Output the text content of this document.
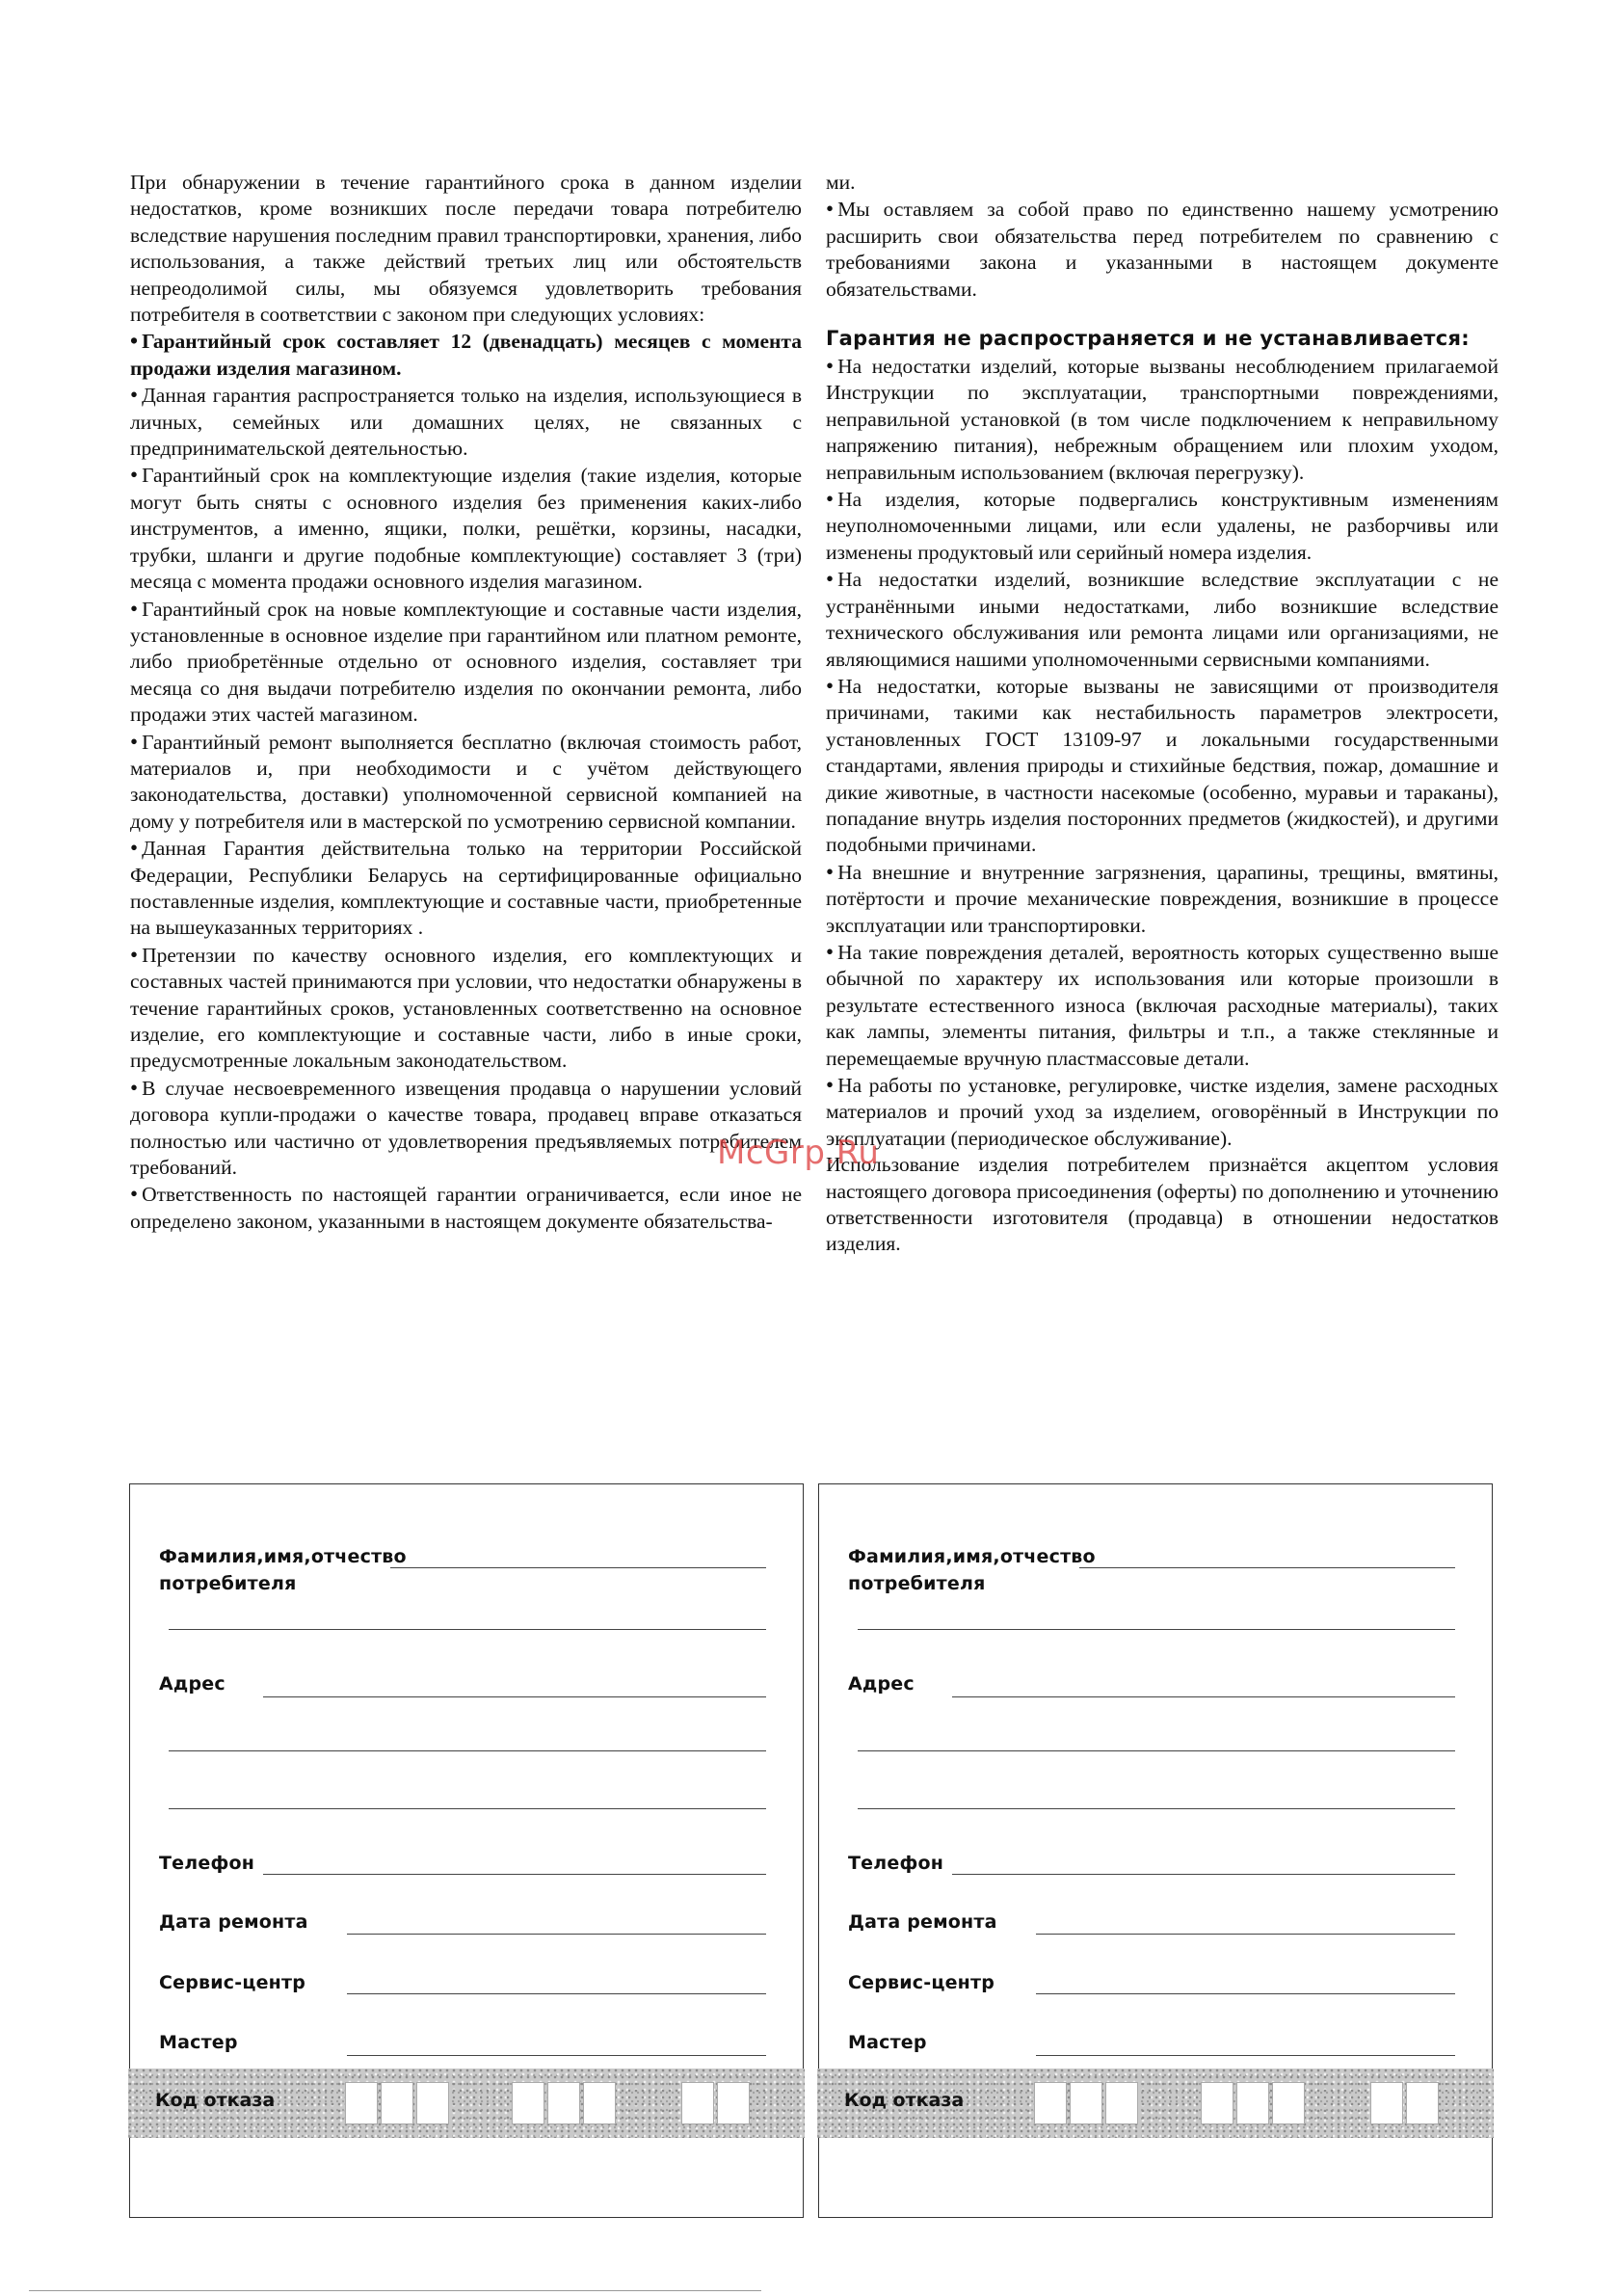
При обнаружении в течение гарантийного срока в данном изделии недостатков, кроме возникших после передачи товара потребителю вследствие нарушения последним правил транспортировки, хранения, либо использования, а также действий третьих лиц или обстоятельств непреодолимой силы, мы обязуемся удовлетворить требования потребителя в соответствии с законом при следующих условиях:

• Гарантийный срок составляет 12 (двенадцать) месяцев с момента продажи изделия магазином.

• Данная гарантия распространяется только на изделия, использующиеся в личных, семейных или домашних целях, не связанных с предпринимательской деятельностью.

• Гарантийный срок на комплектующие изделия (такие изделия, которые могут быть сняты с основного изделия без применения каких-либо инструментов, а именно, ящики, полки, решётки, корзины, насадки, трубки, шланги и другие подобные комплектующие) составляет 3 (три) месяца с момента продажи основного изделия магазином.

• Гарантийный срок на новые комплектующие и составные части изделия, установленные в основное изделие при гарантийном или платном ремонте, либо приобретённые отдельно от основного изделия, составляет три месяца со дня выдачи потребителю изделия по окончании ремонта, либо продажи этих частей магазином.

• Гарантийный ремонт выполняется бесплатно (включая стоимость работ, материалов и, при необходимости и с учётом действующего законодательства, доставки) уполномоченной сервисной компанией на дому у потребителя или в мастерской по усмотрению сервисной компании.

• Данная Гарантия действительна только на территории Российской Федерации, Республики Беларусь на сертифицированные официально поставленные изделия, комплектующие и составные части, приобретенные на вышеуказанных территориях .

• Претензии по качеству основного изделия, его комплектующих и составных частей принимаются при условии, что недостатки обнаружены в течение гарантийных сроков, установленных соответственно на основное изделие, его комплектующие и составные части, либо в иные сроки, предусмотренные локальным законодательством.

• В случае несвоевременного извещения продавца о нарушении условий договора купли-продажи о качестве товара, продавец вправе отказаться полностью или частично от удовлетворения предъявляемых потребителем требований.

• Ответственность по настоящей гарантии ограничивается, если иное не определено законом, указанными в настоящем документе обязательства-

ми.

• Мы оставляем за собой право по единственно нашему усмотрению расширить свои обязательства перед потребителем по сравнению с требованиями закона и указанными в настоящем документе обязательствами.

Гарантия не распространяется и не устанавливается:

• На недостатки изделий, которые вызваны несоблюдением прилагаемой Инструкции по эксплуатации, транспортными повреждениями, неправильной установкой (в том числе подключением к неправильному напряжению питания), небрежным обращением или плохим уходом, неправильным использованием (включая перегрузку).

• На изделия, которые подвергались конструктивным изменениям неуполномоченными лицами, или если удалены, не разборчивы или изменены продуктовый или серийный номера изделия.

• На недостатки изделий, возникшие вследствие эксплуатации с не устранёнными иными недостатками, либо возникшие вследствие технического обслуживания или ремонта лицами или организациями, не являющимися нашими уполномоченными сервисными компаниями.

• На недостатки, которые вызваны не зависящими от производителя причинами, такими как нестабильность параметров электросети, установленных ГОСТ 13109-97 и локальными государственными стандартами, явления природы и стихийные бедствия, пожар, домашние и дикие животные, в частности насекомые (особенно, муравьи и тараканы), попадание внутрь изделия посторонних предметов (жидкостей), и другими подобными причинами.

• На внешние и внутренние загрязнения, царапины, трещины, вмятины, потёртости и прочие механические повреждения, возникшие в процессе эксплуатации или транспортировки.

• На такие повреждения деталей, вероятность которых существенно выше обычной по характеру их использования или которые произошли в результате естественного износа (включая расходные материалы), таких как лампы, элементы питания, фильтры и т.п., а также стеклянные и перемещаемые вручную пластмассовые детали.

• На работы по установке, регулировке, чистке изделия, замене расходных материалов и прочий уход за изделием, оговорённый в Инструкции по эксплуатации (периодическое обслуживание).

Использование изделия потребителем признаётся акцептом условия настоящего договора присоединения (оферты) по дополнению и уточнению ответственности изготовителя (продавца) в отношении недостатков изделия.

McGrp.Ru
Фамилия,имя,отчество
потребителя
Адрес
Телефон
Дата ремонта
Сервис-центр
Мастер
Код отказа
Фамилия,имя,отчество
потребителя
Адрес
Телефон
Дата ремонта
Сервис-центр
Мастер
Код отказа
